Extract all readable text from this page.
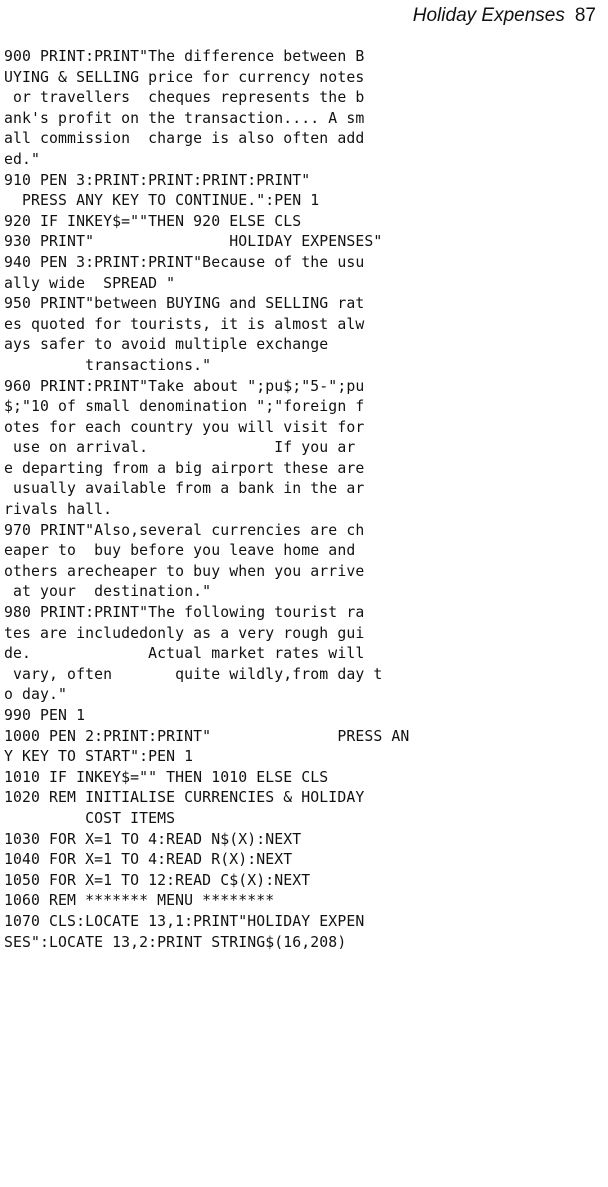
Holiday Expenses 87
900 PRINT:PRINT"The difference between B
UYING & SELLING price for currency notes
or travellers  cheques represents the b
ank's profit on the transaction.... A sm
all commission  charge is also often add
ed."
910 PEN 3:PRINT:PRINT:PRINT:PRINT"
PRESS ANY KEY TO CONTINUE.":PEN 1
920 IF INKEY$=""THEN 920 ELSE CLS
930 PRINT"               HOLIDAY EXPENSES"
940 PEN 3:PRINT:PRINT"Because of the usu
ally wide  SPREAD "
950 PRINT"between BUYING and SELLING rat
es quoted for tourists, it is almost alw
ays safer to avoid multiple exchange
transactions."
960 PRINT:PRINT"Take about ";pu$;"5-";pu
$;"10 of small denomination ";"foreign f
otes for each country you will visit for
use on arrival.              If you ar
e departing from a big airport these are
usually available from a bank in the ar
rivals hall.
970 PRINT"Also,several currencies are ch
eaper to  buy before you leave home and
others arecheaper to buy when you arrive
at your  destination."
980 PRINT:PRINT"The following tourist ra
tes are includedonly as a very rough gui
de.             Actual market rates will
vary, often       quite wildly,from day t
o day."
990 PEN 1
1000 PEN 2:PRINT:PRINT"              PRESS AN
Y KEY TO START":PEN 1
1010 IF INKEY$="" THEN 1010 ELSE CLS
1020 REM INITIALISE CURRENCIES & HOLIDAY
COST ITEMS
1030 FOR X=1 TO 4:READ N$(X):NEXT
1040 FOR X=1 TO 4:READ R(X):NEXT
1050 FOR X=1 TO 12:READ C$(X):NEXT
1060 REM ******* MENU ********
1070 CLS:LOCATE 13,1:PRINT"HOLIDAY EXPEN
SES":LOCATE 13,2:PRINT STRING$(16,208)
